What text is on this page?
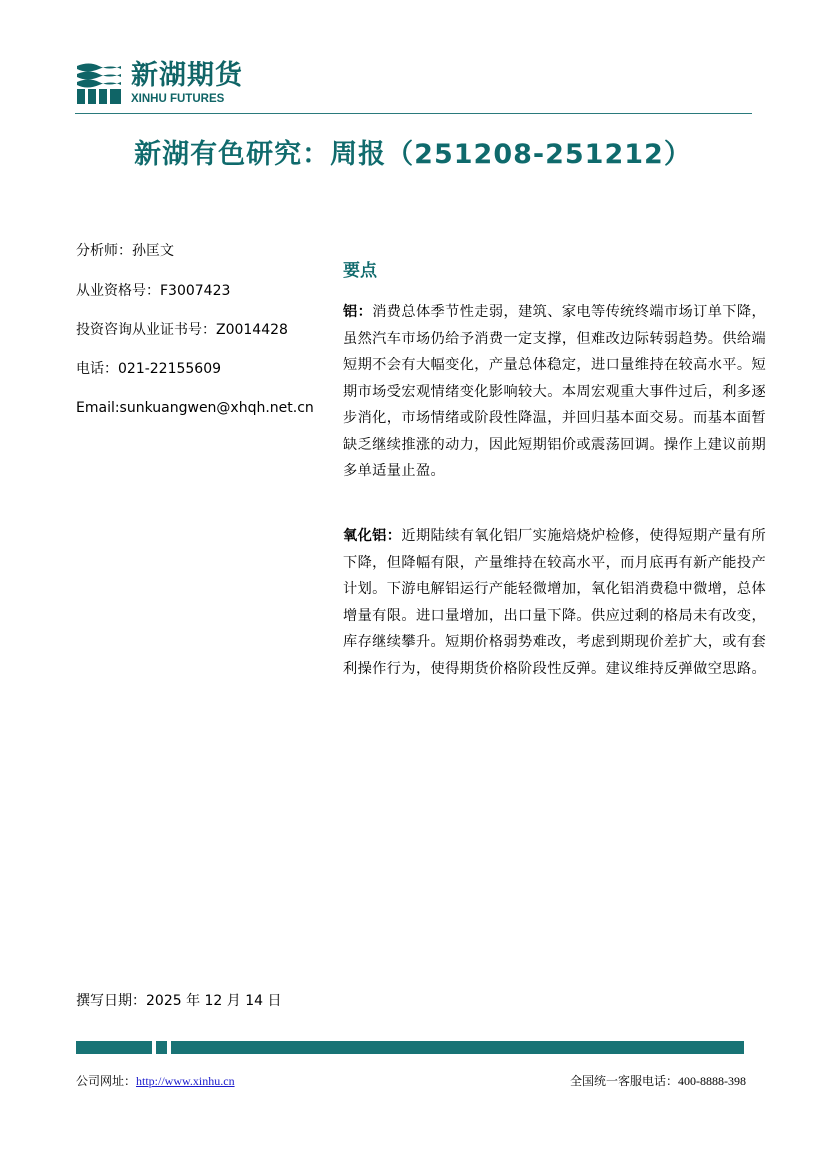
新湖期货
XINHU FUTURES
新湖有色研究：周报（251208-251212）
分析师：孙匡文
从业资格号：F3007423
投资咨询从业证书号：Z0014428
电话：021-22155609
Email:sunkuangwen@xhqh.net.cn
要点
铝：消费总体季节性走弱，建筑、家电等传统终端市场订单下降，虽然汽车市场仍给予消费一定支撑，但难改边际转弱趋势。供给端短期不会有大幅变化，产量总体稳定，进口量维持在较高水平。短期市场受宏观情绪变化影响较大。本周宏观重大事件过后，利多逐步消化，市场情绪或阶段性降温，并回归基本面交易。而基本面暂缺乏继续推涨的动力，因此短期铝价或震荡回调。操作上建议前期多单适量止盈。
氧化铝：近期陆续有氧化铝厂实施焙烧炉检修，使得短期产量有所下降，但降幅有限，产量维持在较高水平，而月底再有新产能投产计划。下游电解铝运行产能轻微增加，氧化铝消费稳中微增，总体增量有限。进口量增加，出口量下降。供应过剩的格局未有改变，库存继续攀升。短期价格弱势难改，考虑到期现价差扩大，或有套利操作行为，使得期货价格阶段性反弹。建议维持反弹做空思路。
撰写日期：2025 年 12 月 14 日
公司网址：http://www.xinhu.cn	全国统一客服电话：400-8888-398
